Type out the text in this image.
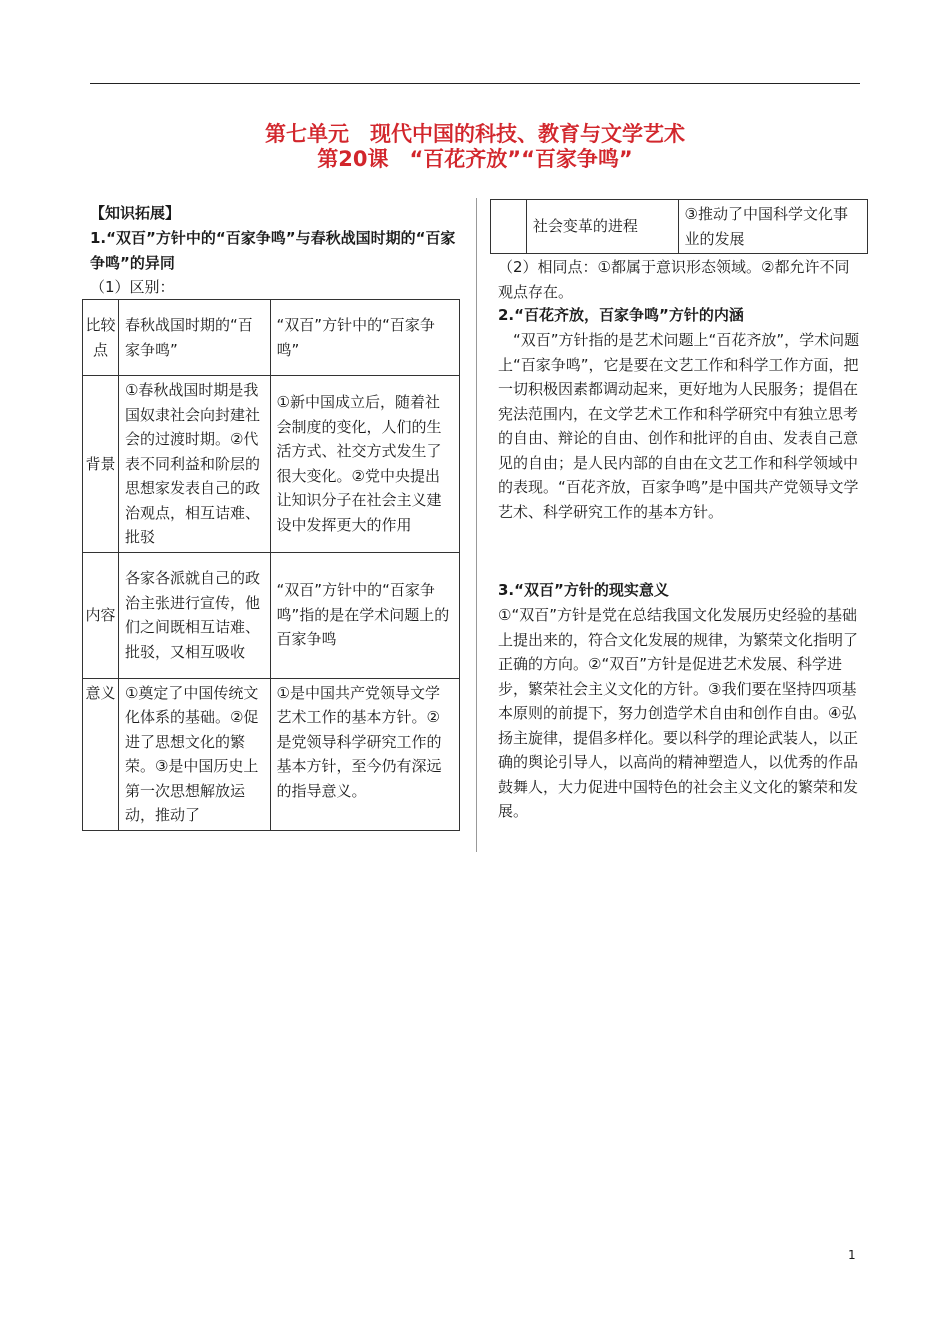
第七单元　现代中国的科技、教育与文学艺术
第20课　“百花齐放”“百家争鸣”
【知识拓展】
1.“双百”方针中的“百家争鸣”与春秋战国时期的“百家争鸣”的异同
（1）区别：
比较点	春秋战国时期的“百家争鸣”	“双百”方针中的“百家争鸣”
背景	①春秋战国时期是我国奴隶社会向封建社会的过渡时期。②代表不同利益和阶层的思想家发表自己的政治观点，相互诘难、批驳	①新中国成立后，随着社会制度的变化，人们的生活方式、社交方式发生了很大变化。②党中央提出让知识分子在社会主义建设中发挥更大的作用
内容	各家各派就自己的政治主张进行宣传，他们之间既相互诘难、批驳，又相互吸收	“双百”方针中的“百家争鸣”指的是在学术问题上的百家争鸣
意义	①奠定了中国传统文化体系的基础。②促进了思想文化的繁荣。③是中国历史上第一次思想解放运动，推动了	①是中国共产党领导文学艺术工作的基本方针。②是党领导科学研究工作的基本方针，至今仍有深远的指导意义。
	社会变革的进程	③推动了中国科学文化事业的发展
（2）相同点：①都属于意识形态领域。②都允许不同观点存在。
2.“百花齐放，百家争鸣”方针的内涵
“双百”方针指的是艺术问题上“百花齐放”，学术问题上“百家争鸣”，它是要在文艺工作和科学工作方面，把一切积极因素都调动起来，更好地为人民服务；提倡在宪法范围内，在文学艺术工作和科学研究中有独立思考的自由、辩论的自由、创作和批评的自由、发表自己意见的自由；是人民内部的自由在文艺工作和科学领域中的表现。“百花齐放，百家争鸣”是中国共产党领导文学艺术、科学研究工作的基本方针。
3.“双百”方针的现实意义
①“双百”方针是党在总结我国文化发展历史经验的基础上提出来的，符合文化发展的规律，为繁荣文化指明了正确的方向。②“双百”方针是促进艺术发展、科学进步，繁荣社会主义文化的方针。③我们要在坚持四项基本原则的前提下，努力创造学术自由和创作自由。④弘扬主旋律，提倡多样化。要以科学的理论武装人，以正确的舆论引导人，以高尚的精神塑造人，以优秀的作品鼓舞人，大力促进中国特色的社会主义文化的繁荣和发展。
1
